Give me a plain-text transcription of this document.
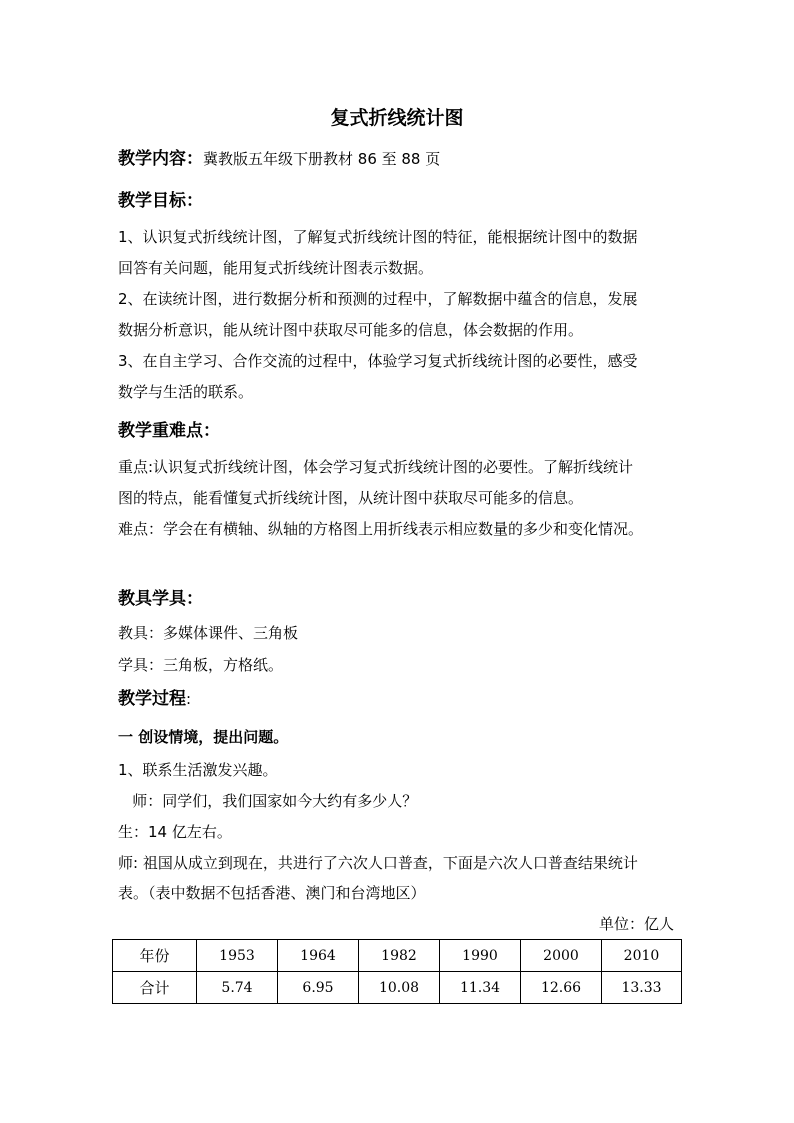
复式折线统计图
教学内容：冀教版五年级下册教材 86 至 88 页
教学目标：
1、认识复式折线统计图，了解复式折线统计图的特征，能根据统计图中的数据
回答有关问题，能用复式折线统计图表示数据。
2、在读统计图，进行数据分析和预测的过程中，了解数据中蕴含的信息，发展
数据分析意识，能从统计图中获取尽可能多的信息，体会数据的作用。
3、在自主学习、合作交流的过程中，体验学习复式折线统计图的必要性，感受
数学与生活的联系。
教学重难点：
重点:认识复式折线统计图，体会学习复式折线统计图的必要性。了解折线统计
图的特点，能看懂复式折线统计图，从统计图中获取尽可能多的信息。
难点：学会在有横轴、纵轴的方格图上用折线表示相应数量的多少和变化情况。
教具学具：
教具：多媒体课件、三角板
学具：三角板，方格纸。
教学过程:
一 创设情境，提出问题。
1、联系生活激发兴趣。
师：同学们，我们国家如今大约有多少人？
生：14 亿左右。
师: 祖国从成立到现在，共进行了六次人口普查，下面是六次人口普查结果统计
表。（表中数据不包括香港、澳门和台湾地区）
单位：亿人
年份	1953	1964	1982	1990	2000	2010
合计	5.74	6.95	10.08	11.34	12.66	13.33
